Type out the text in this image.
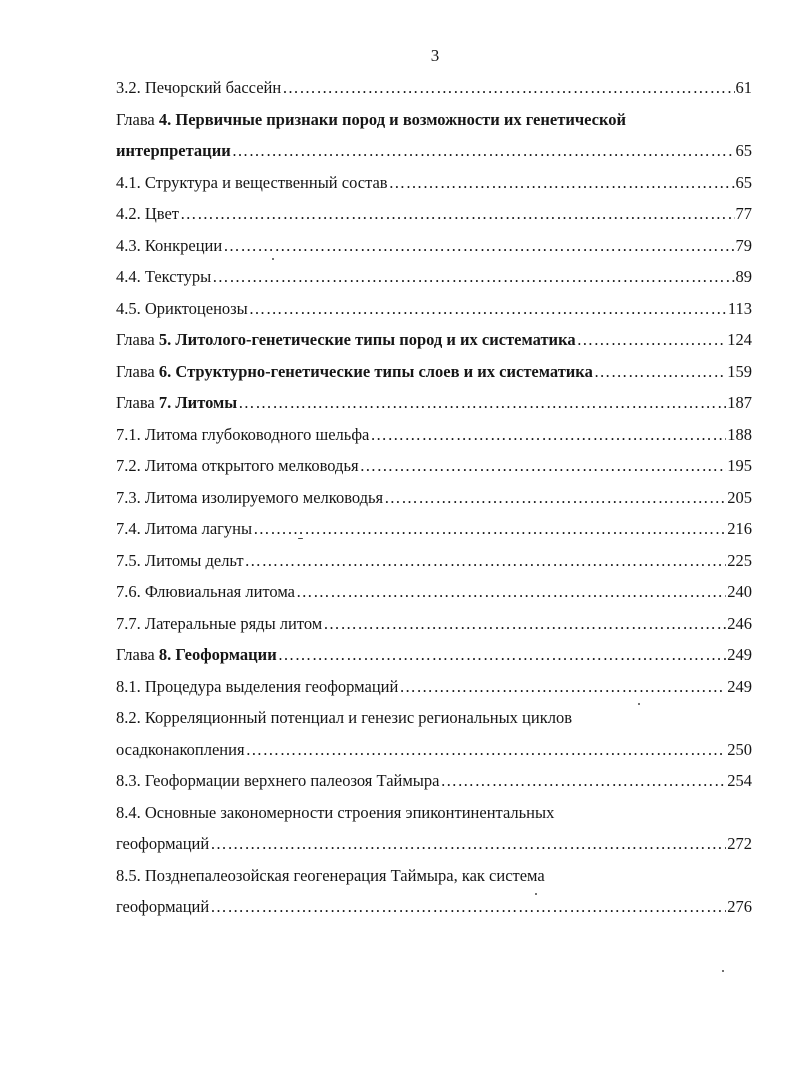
3
3.2. Печорский бассейн …………………………………………………………………………………………………………………………………………………………………………………………	61
Глава 4. Первичные признаки пород и возможности их генетической
интерпретации …………………………………………………………………………………………………………………………………………………………………………………………	65
4.1. Структура и вещественный состав …………………………………………………………………………………………………………………………………………………………………………………………	65
4.2. Цвет …………………………………………………………………………………………………………………………………………………………………………………………	77
4.3. Конкреции …………………………………………………………………………………………………………………………………………………………………………………………	79
4.4. Текстуры …………………………………………………………………………………………………………………………………………………………………………………………	89
4.5. Ориктоценозы …………………………………………………………………………………………………………………………………………………………………………………………	113
Глава 5. Литолого-генетические типы пород и их систематика …………………………………………………………………………………………………………………………………………………………………………………………	124
Глава 6. Структурно-генетические типы слоев и их систематика …………………………………………………………………………………………………………………………………………………………………………………………	159
Глава 7. Литомы …………………………………………………………………………………………………………………………………………………………………………………………	187
7.1. Литома глубоководного шельфа …………………………………………………………………………………………………………………………………………………………………………………………	188
7.2. Литома открытого мелководья …………………………………………………………………………………………………………………………………………………………………………………………	195
7.3. Литома изолируемого мелководья …………………………………………………………………………………………………………………………………………………………………………………………	205
7.4. Литома лагуны …………………………………………………………………………………………………………………………………………………………………………………………	216
7.5. Литомы дельт …………………………………………………………………………………………………………………………………………………………………………………………	225
7.6. Флювиальная литома …………………………………………………………………………………………………………………………………………………………………………………………	240
7.7. Латеральные ряды литом …………………………………………………………………………………………………………………………………………………………………………………………	246
Глава 8. Геоформации …………………………………………………………………………………………………………………………………………………………………………………………	249
8.1. Процедура выделения геоформаций …………………………………………………………………………………………………………………………………………………………………………………………	249
8.2. Корреляционный потенциал и генезис региональных циклов
осадконакопления …………………………………………………………………………………………………………………………………………………………………………………………	250
8.3. Геоформации верхнего палеозоя Таймыра …………………………………………………………………………………………………………………………………………………………………………………………	254
8.4. Основные закономерности строения эпиконтинентальных
геоформаций …………………………………………………………………………………………………………………………………………………………………………………………	272
8.5. Позднепалеозойская геогенерация Таймыра, как система
геоформаций …………………………………………………………………………………………………………………………………………………………………………………………	276
